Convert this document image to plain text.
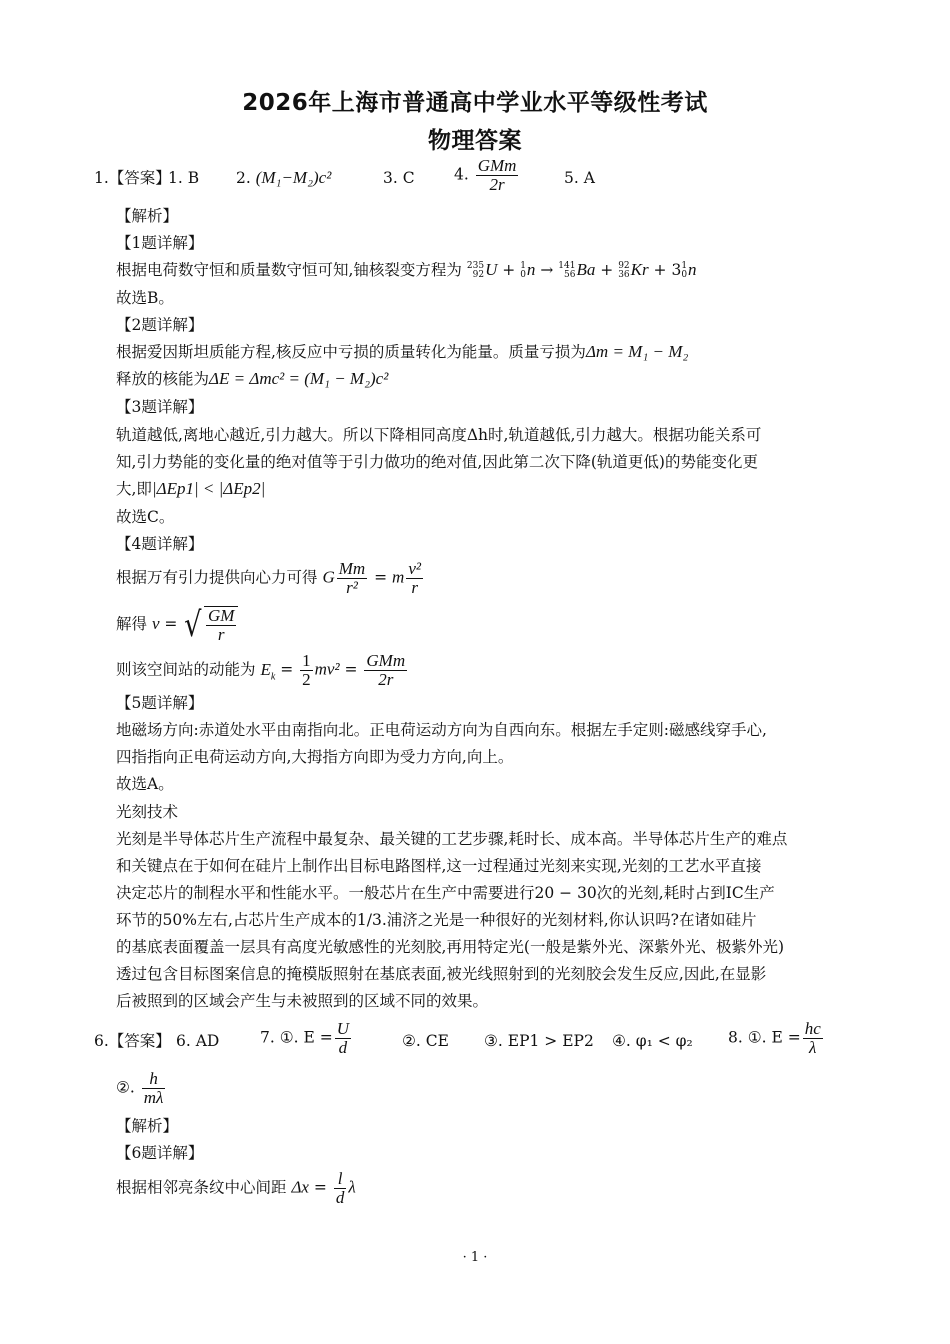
2026年上海市普通高中学业水平等级性考试
物理答案
1.【答案】
1. B 2. (M₁−M₂)c²	3. C	4. $\frac{\text{GMm}}{2r}$	5. A
【解析】
【1题详解】
根据电荷数守恒和质量数守恒可知,铀核裂变方程为 235
92U + 1
0n → 141
56Ba + 92
36Kr + 31
0n
故选B。
【2题详解】
根据爱因斯坦质能方程,核反应中亏损的质量转化为能量。质量亏损为Δm = M₁ − M₂
释放的核能为ΔE = Δmc² = (M₁ − M₂)c²
【3题详解】
轨道越低,离地心越近,引力越大。所以下降相同高度Δh时,轨道越低,引力越大。根据功能关系可
知,引力势能的变化量的绝对值等于引力做功的绝对值,因此第二次下降(轨道更低)的势能变化更
大,即|ΔEp1| < |ΔEp2|
故选C。
【4题详解】
根据万有引力提供向心力可得 G $\frac{Mm}{\text{r²}} = m \frac{\text{v²}}{r}$
解得 v = √ $\frac{GM}{r}$
则该空间站的动能为 $E_k = \frac{1}{2} mv^2 = \frac{\text{GMm}}{2r}$
【5题详解】
地磁场方向:赤道处水平由南指向北。正电荷运动方向为自西向东。根据左手定则:磁感线穿手心,
四指指向正电荷运动方向,大拇指方向即为受力方向,向上。
故选A。
光刻技术
光刻是半导体芯片生产流程中最复杂、最关键的工艺步骤,耗时长、成本高。半导体芯片生产的难点
和关键点在于如何在硅片上制作出目标电路图样,这一过程通过光刻来实现,光刻的工艺水平直接
决定芯片的制程水平和性能水平。一般芯片在生产中需要进行20 − 30次的光刻,耗时占到IC生产
环节的50%左右,占芯片生产成本的1/3.浦济之光是一种很好的光刻材料,你认识吗?在诸如硅片
的基底表面覆盖一层具有高度光敏感性的光刻胶,再用特定光(一般是紫外光、深紫外光、极紫外光)
透过包含目标图案信息的掩模版照射在基底表面,被光线照射到的光刻胶会发生反应,因此,在显影
后被照到的区域会产生与未被照到的区域不同的效果。
6.【答案】 6. AD	7. ①. $E = \frac{U}{d}$	②. CE ③. EP1 > EP2 ④. φ₁ < φ₂ 8. ①. $E = \frac{hc}{\lambda}$
②. $\frac{h}{m\lambda}$
【解析】
【6题详解】
根据相邻亮条纹中心间距 $\Delta x = \frac{l}{d}$ λ
· 1 ·
